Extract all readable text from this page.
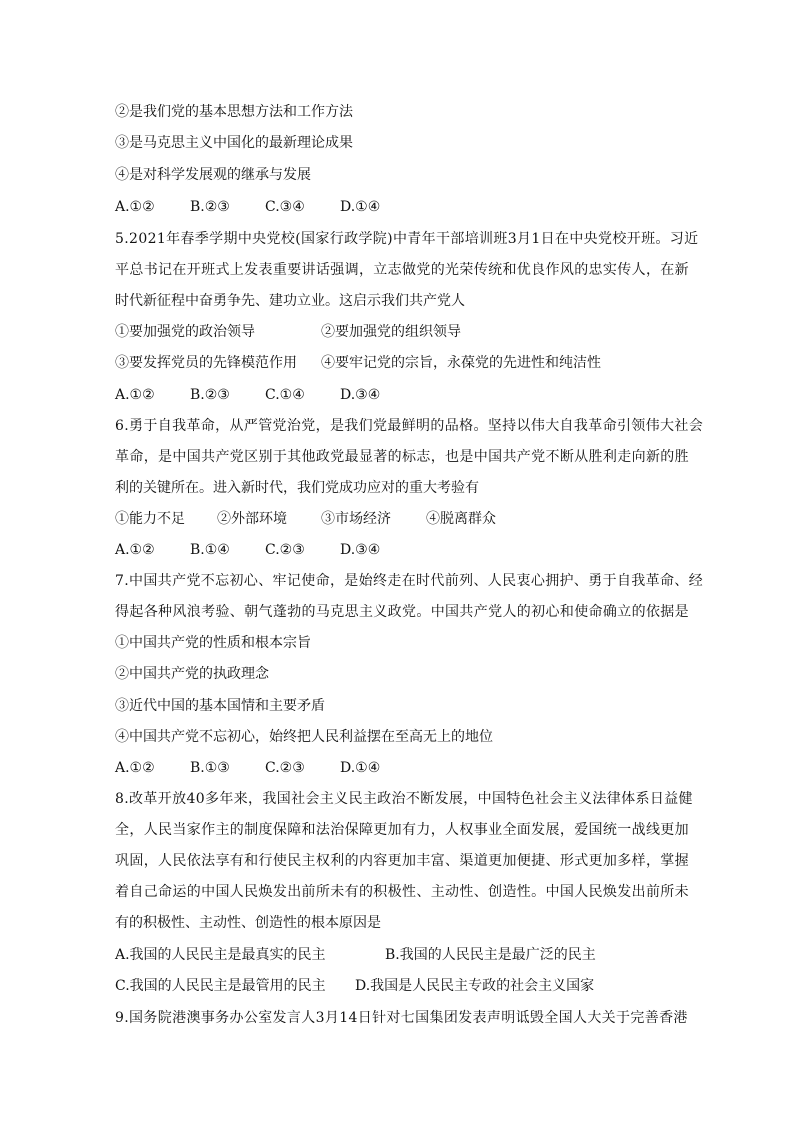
②是我们党的基本思想方法和工作方法
③是马克思主义中国化的最新理论成果
④是对科学发展观的继承与发展
A.①②	B.②③	C.③④	D.①④
5.2021年春季学期中央党校(国家行政学院)中青年干部培训班3月1日在中央党校开班。习近
平总书记在开班式上发表重要讲话强调，立志做党的光荣传统和优良作风的忠实传人，在新
时代新征程中奋勇争先、建功立业。这启示我们共产党人
①要加强党的政治领导	②要加强党的组织领导
③要发挥党员的先锋模范作用 ④要牢记党的宗旨，永葆党的先进性和纯洁性
A.①②	B.②③	C.①④	D.③④
6.勇于自我革命，从严管党治党，是我们党最鲜明的品格。坚持以伟大自我革命引领伟大社会
革命，是中国共产党区别于其他政党最显著的标志，也是中国共产党不断从胜利走向新的胜
利的关键所在。进入新时代，我们党成功应对的重大考验有
①能力不足 ②外部环境 ③市场经济	④脱离群众
A.①②	B.①④	C.②③	D.③④
7.中国共产党不忘初心、牢记使命，是始终走在时代前列、人民衷心拥护、勇于自我革命、经
得起各种风浪考验、朝气蓬勃的马克思主义政党。中国共产党人的初心和使命确立的依据是
①中国共产党的性质和根本宗旨
②中国共产党的执政理念
③近代中国的基本国情和主要矛盾
④中国共产党不忘初心，始终把人民利益摆在至高无上的地位
A.①②	B.①③	C.②③	D.①④
8.改革开放40多年来，我国社会主义民主政治不断发展，中国特色社会主义法律体系日益健
全，人民当家作主的制度保障和法治保障更加有力，人权事业全面发展，爱国统一战线更加
巩固，人民依法享有和行使民主权利的内容更加丰富、渠道更加便捷、形式更加多样，掌握
着自己命运的中国人民焕发出前所未有的积极性、主动性、创造性。中国人民焕发出前所未
有的积极性、主动性、创造性的根本原因是
A.我国的人民民主是最真实的民主	B.我国的人民民主是最广泛的民主
C.我国的人民民主是最管用的民主 D.我国是人民民主专政的社会主义国家
9.国务院港澳事务办公室发言人3月14日针对七国集团发表声明诋毁全国人大关于完善香港
